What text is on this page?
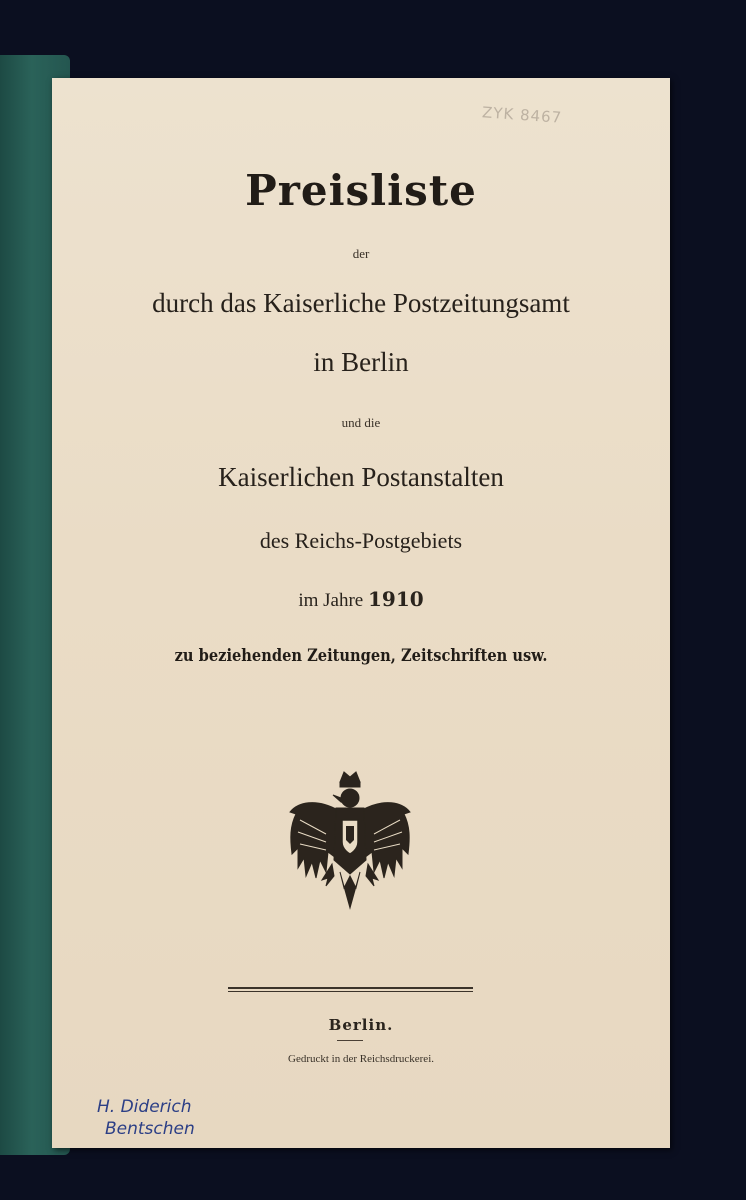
ZYK 8467
Preisliste

der

durch das Kaiserliche Postzeitungsamt

in Berlin

und die

Kaiserlichen Postanstalten

des Reichs-Postgebiets

im Jahre 1910

zu beziehenden Zeitungen, Zeitschriften usw.

Berlin.

Gedruckt in der Reichsdruckerei.

H. Diderich
Bentschen
